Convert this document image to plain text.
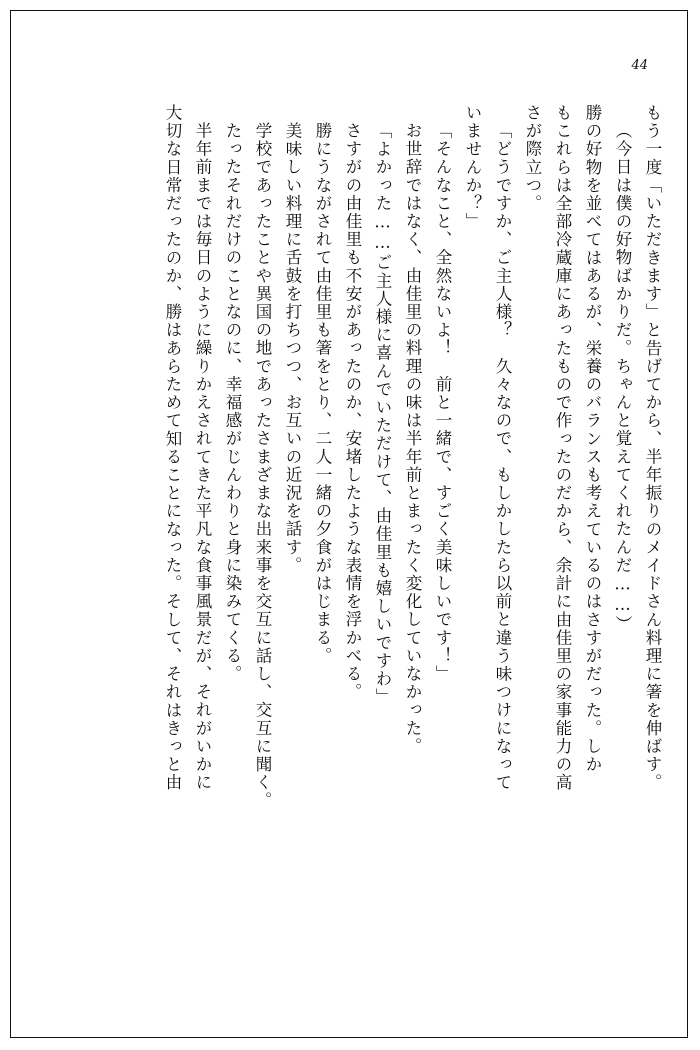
44
もう一度「いただきます」と告げてから、半年振りのメイドさん料理に箸を伸ばす。
（今日は僕の好物ばかりだ。ちゃんと覚えてくれたんだ……）
勝の好物を並べてはあるが、栄養のバランスも考えているのはさすがだった。しか
もこれらは全部冷蔵庫にあったもので作ったのだから、余計に由佳里の家事能力の高
さが際立つ。
「どうですか、ご主人様？　久々なので、もしかしたら以前と違う味つけになって
いませんか？」
「そんなこと、全然ないよ！　前と一緒で、すごく美味しいです！」
お世辞ではなく、由佳里の料理の味は半年前とまったく変化していなかった。
「よかった……ご主人様に喜んでいただけて、由佳里も嬉しいですわ」
さすがの由佳里も不安があったのか、安堵したような表情を浮かべる。
勝にうながされて由佳里も箸をとり、二人一緒の夕食がはじまる。
美味しい料理に舌鼓を打ちつつ、お互いの近況を話す。
学校であったことや異国の地であったさまざまな出来事を交互に話し、交互に聞く。
たったそれだけのことなのに、幸福感がじんわりと身に染みてくる。
半年前までは毎日のように繰りかえされてきた平凡な食事風景だが、それがいかに
大切な日常だったのか、勝はあらためて知ることになった。そして、それはきっと由
